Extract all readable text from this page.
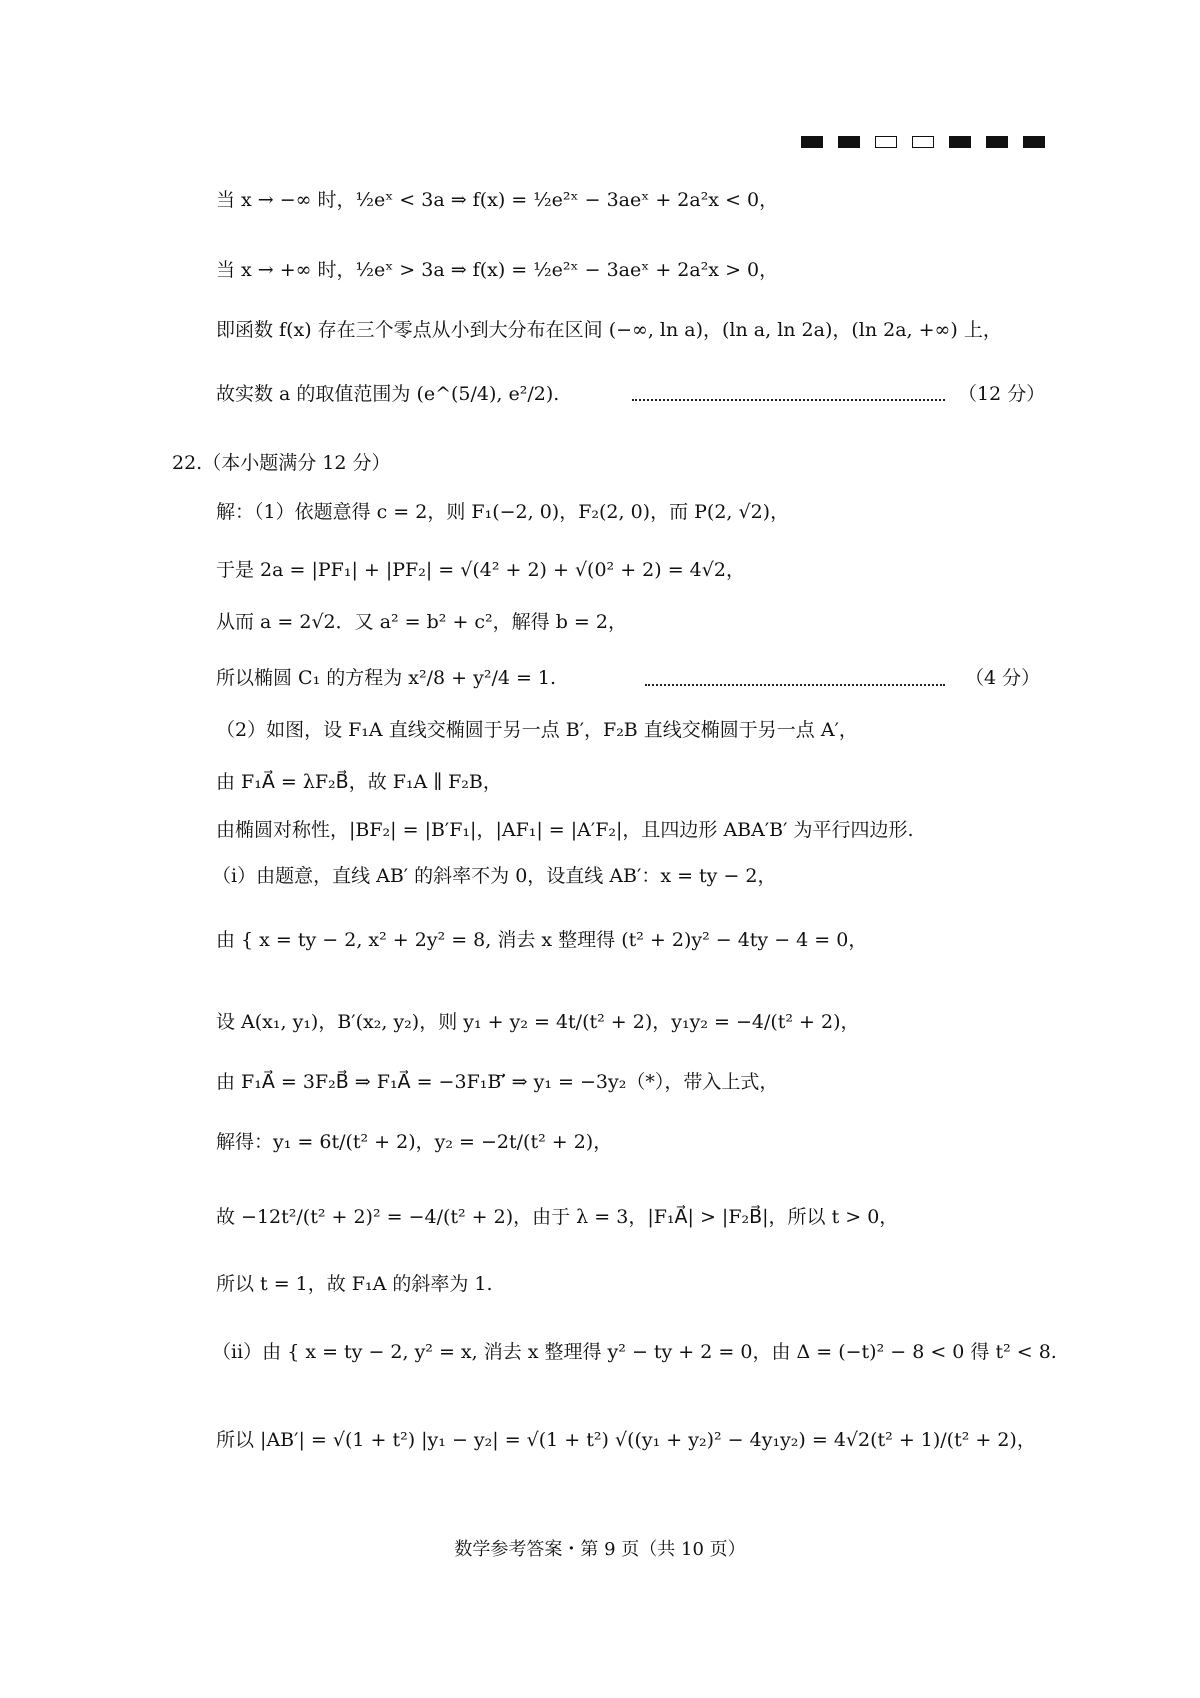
当 x → −∞ 时，½eˣ < 3a ⇒ f(x) = ½e²ˣ − 3aeˣ + 2a²x < 0，
当 x → +∞ 时，½eˣ > 3a ⇒ f(x) = ½e²ˣ − 3aeˣ + 2a²x > 0，
即函数 f(x) 存在三个零点从小到大分布在区间 (−∞, ln a)，(ln a, ln 2a)，(ln 2a, +∞) 上，
故实数 a 的取值范围为 (e^(5/4), e²/2).	（12 分）
22.（本小题满分 12 分）
解：（1）依题意得 c = 2，则 F₁(−2, 0)，F₂(2, 0)，而 P(2, √2)，
于是 2a = |PF₁| + |PF₂| = √(4² + 2) + √(0² + 2) = 4√2，
从而 a = 2√2．又 a² = b² + c²，解得 b = 2，
所以椭圆 C₁ 的方程为 x²/8 + y²/4 = 1.	（4 分）
（2）如图，设 F₁A 直线交椭圆于另一点 B′，F₂B 直线交椭圆于另一点 A′，
由 F₁A⃗ = λF₂B⃗，故 F₁A ∥ F₂B，
由椭圆对称性，|BF₂| = |B′F₁|，|AF₁| = |A′F₂|，且四边形 ABA′B′ 为平行四边形.
（ⅰ）由题意，直线 AB′ 的斜率不为 0，设直线 AB′：x = ty − 2，
由 { x = ty − 2, x² + 2y² = 8, 消去 x 整理得 (t² + 2)y² − 4ty − 4 = 0，
设 A(x₁, y₁)，B′(x₂, y₂)，则 y₁ + y₂ = 4t/(t² + 2)，y₁y₂ = −4/(t² + 2)，
由 F₁A⃗ = 3F₂B⃗ ⇒ F₁A⃗ = −3F₁B′⃗ ⇒ y₁ = −3y₂（*），带入上式，
解得：y₁ = 6t/(t² + 2)，y₂ = −2t/(t² + 2)，
故 −12t²/(t² + 2)² = −4/(t² + 2)，由于 λ = 3，|F₁A⃗| > |F₂B⃗|，所以 t > 0，
所以 t = 1，故 F₁A 的斜率为 1.
（ⅱ）由 { x = ty − 2, y² = x, 消去 x 整理得 y² − ty + 2 = 0，由 Δ = (−t)² − 8 < 0 得 t² < 8.
所以 |AB′| = √(1 + t²) |y₁ − y₂| = √(1 + t²) √((y₁ + y₂)² − 4y₁y₂) = 4√2(t² + 1)/(t² + 2)，
数学参考答案・第 9 页（共 10 页）
